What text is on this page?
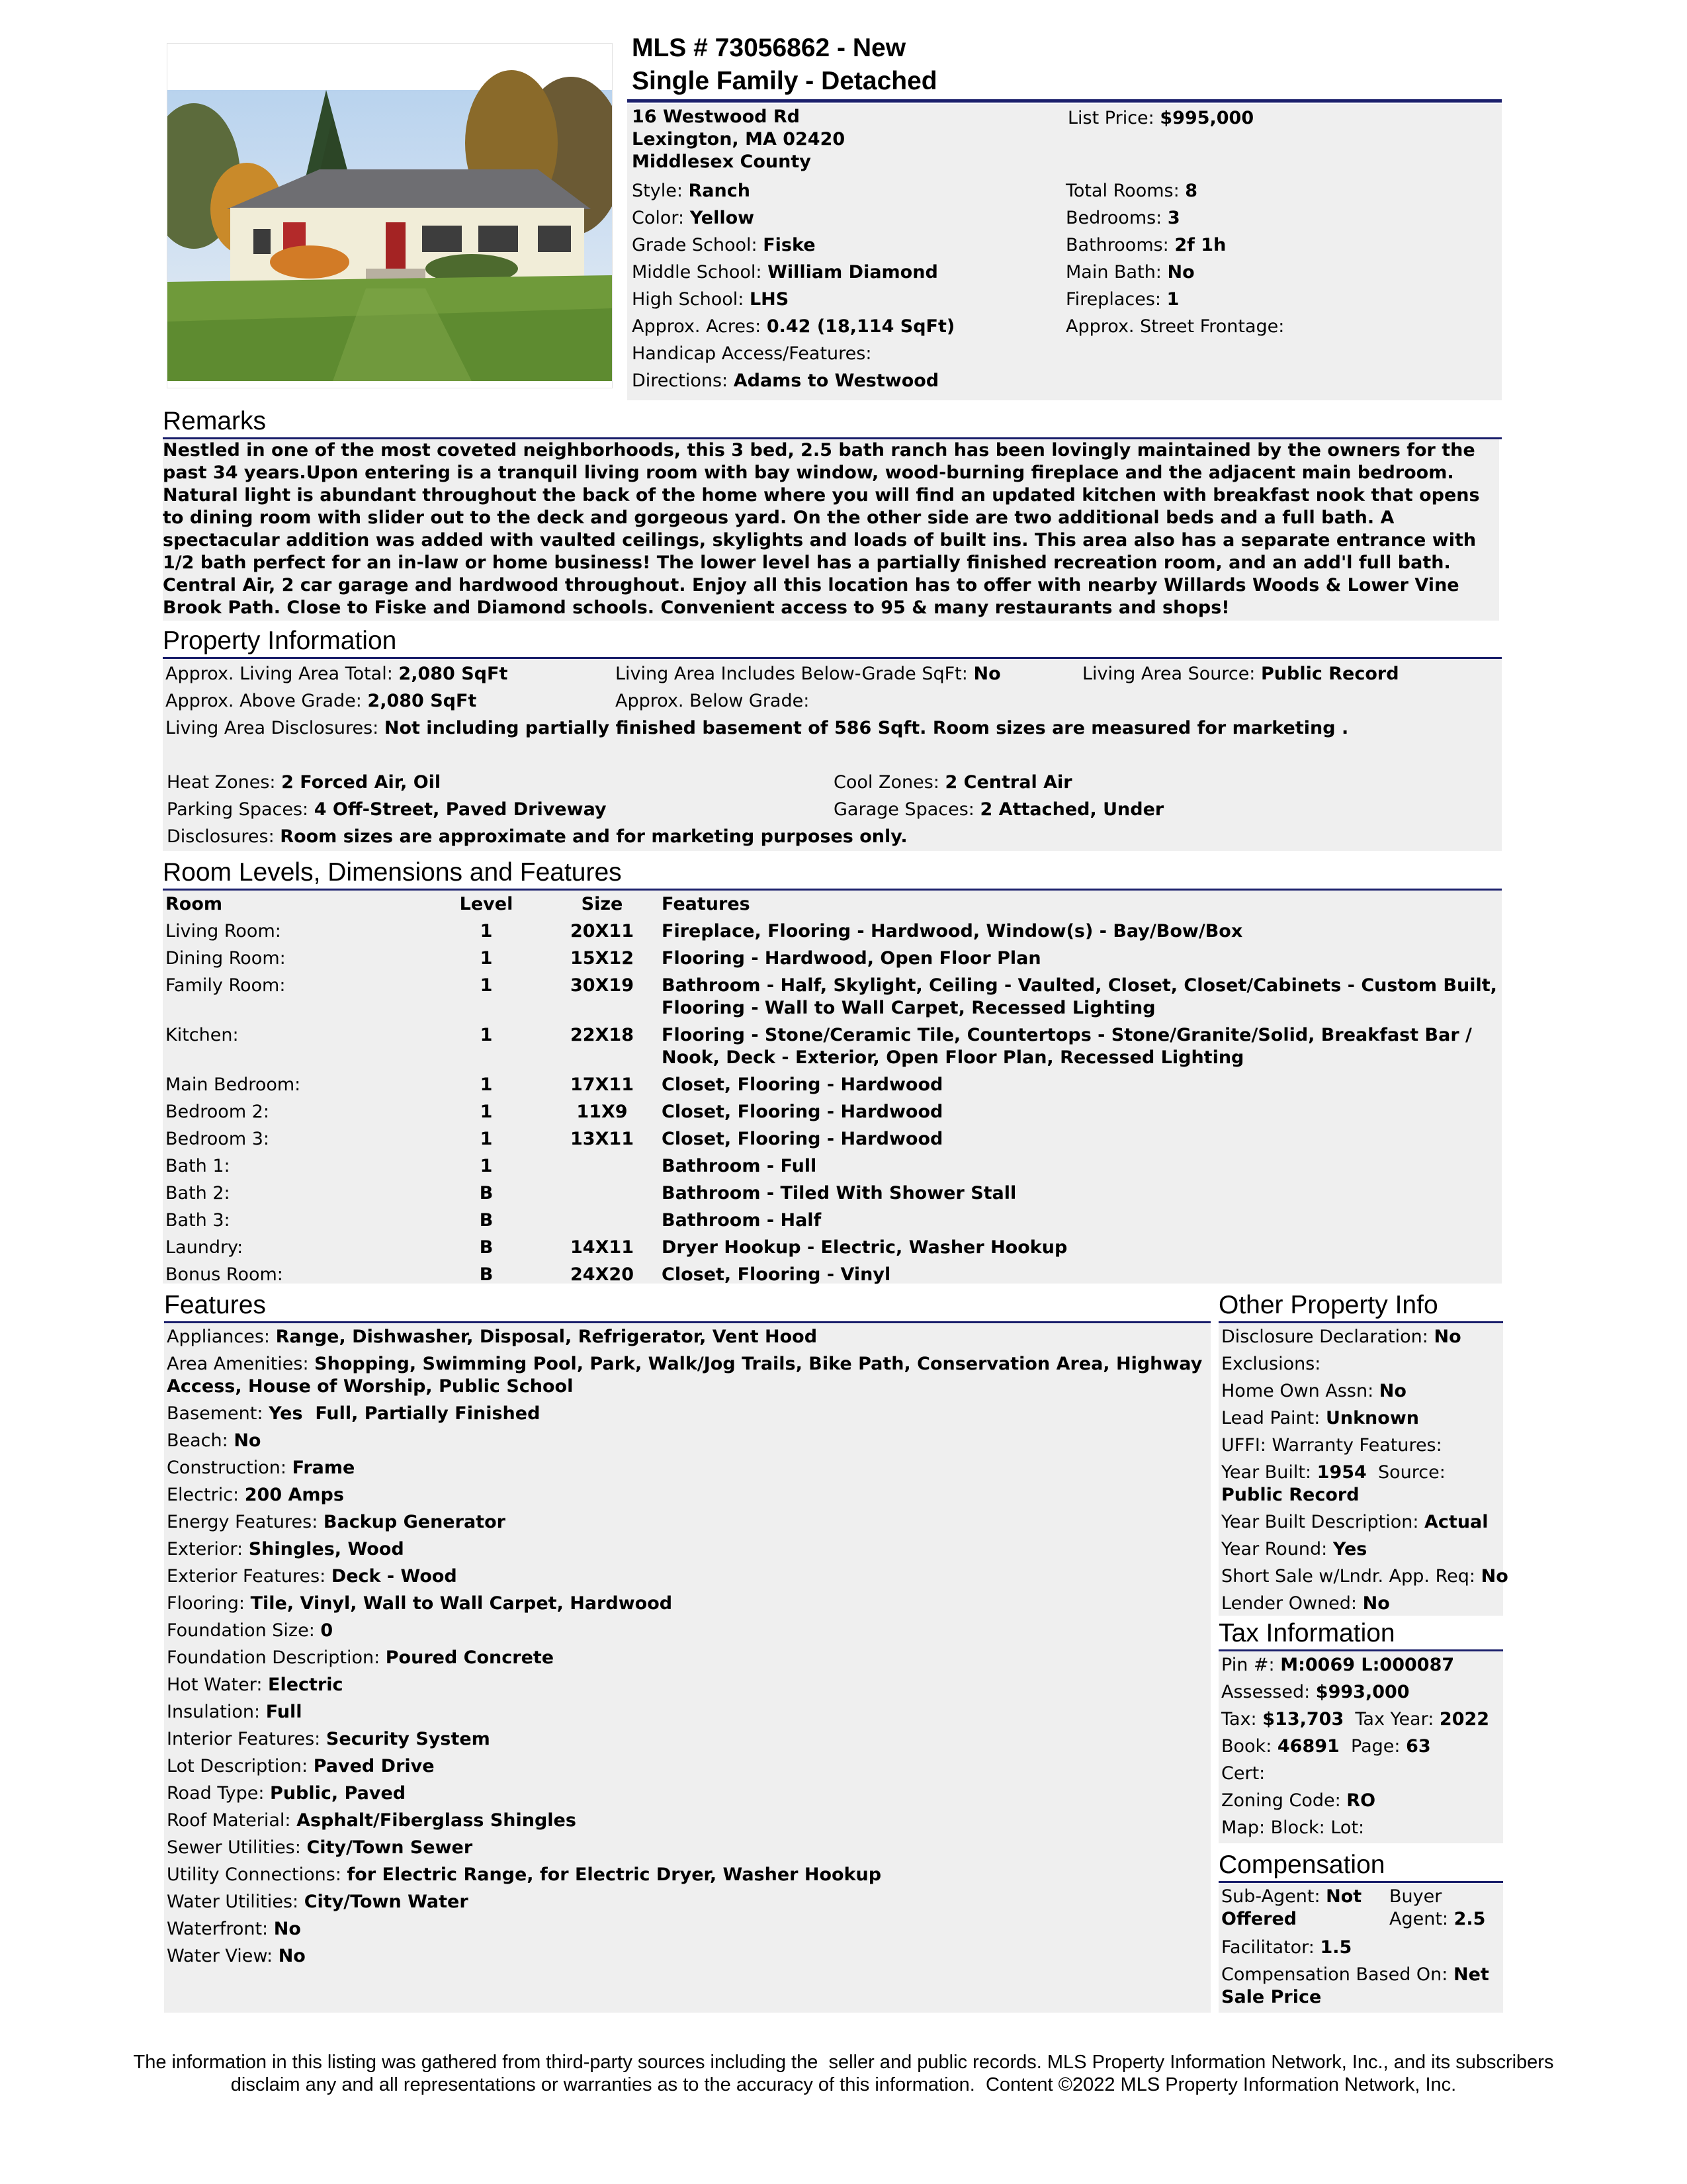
MLS # 73056862 - New
Single Family - Detached
16 Westwood Rd
Lexington, MA 02420
Middlesex County
List Price: $995,000
Style: Ranch
Color: Yellow
Grade School: Fiske
Middle School: William Diamond
High School: LHS
Approx. Acres: 0.42 (18,114 SqFt)
Handicap Access/Features:
Directions: Adams to Westwood
Total Rooms: 8
Bedrooms: 3
Bathrooms: 2f 1h
Main Bath: No
Fireplaces: 1
Approx. Street Frontage:
Remarks
Nestled in one of the most coveted neighborhoods, this 3 bed, 2.5 bath ranch has been lovingly maintained by the owners for the past 34 years.Upon entering is a tranquil living room with bay window, wood-burning fireplace and the adjacent main bedroom. Natural light is abundant throughout the back of the home where you will find an updated kitchen with breakfast nook that opens to dining room with slider out to the deck and gorgeous yard. On the other side are two additional beds and a full bath. A spectacular addition was added with vaulted ceilings, skylights and loads of built ins. This area also has a separate entrance with 1/2 bath perfect for an in-law or home business! The lower level has a partially finished recreation room, and an add'l full bath. Central Air, 2 car garage and hardwood throughout. Enjoy all this location has to offer with nearby Willards Woods & Lower Vine Brook Path. Close to Fiske and Diamond schools. Convenient access to 95 & many restaurants and shops!
Property Information
Approx. Living Area Total: 2,080 SqFt	Living Area Includes Below-Grade SqFt: No	Living Area Source: Public Record
Approx. Above Grade: 2,080 SqFt	Approx. Below Grade:
Living Area Disclosures: Not including partially finished basement of 586 Sqft. Room sizes are measured for marketing .
Heat Zones: 2 Forced Air, Oil	Cool Zones: 2 Central Air
Parking Spaces: 4 Off-Street, Paved Driveway	Garage Spaces: 2 Attached, Under
Disclosures: Room sizes are approximate and for marketing purposes only.
Room Levels, Dimensions and Features
Room	Level	Size	Features
Living Room:	1	20X11	Fireplace, Flooring - Hardwood, Window(s) - Bay/Bow/Box
Dining Room:	1	15X12	Flooring - Hardwood, Open Floor Plan
Family Room:	1	30X19	Bathroom - Half, Skylight, Ceiling - Vaulted, Closet, Closet/Cabinets - Custom Built, Flooring - Wall to Wall Carpet, Recessed Lighting
Kitchen:	1	22X18	Flooring - Stone/Ceramic Tile, Countertops - Stone/Granite/Solid, Breakfast Bar / Nook, Deck - Exterior, Open Floor Plan, Recessed Lighting
Main Bedroom:	1	17X11	Closet, Flooring - Hardwood
Bedroom 2:	1	11X9	Closet, Flooring - Hardwood
Bedroom 3:	1	13X11	Closet, Flooring - Hardwood
Bath 1:	1		Bathroom - Full
Bath 2:	B		Bathroom - Tiled With Shower Stall
Bath 3:	B		Bathroom - Half
Laundry:	B	14X11	Dryer Hookup - Electric, Washer Hookup
Bonus Room:	B	24X20	Closet, Flooring - Vinyl
Features
Appliances: Range, Dishwasher, Disposal, Refrigerator, Vent Hood
Area Amenities: Shopping, Swimming Pool, Park, Walk/Jog Trails, Bike Path, Conservation Area, Highway Access, House of Worship, Public School
Basement: Yes  Full, Partially Finished
Beach: No
Construction: Frame
Electric: 200 Amps
Energy Features: Backup Generator
Exterior: Shingles, Wood
Exterior Features: Deck - Wood
Flooring: Tile, Vinyl, Wall to Wall Carpet, Hardwood
Foundation Size: 0
Foundation Description: Poured Concrete
Hot Water: Electric
Insulation: Full
Interior Features: Security System
Lot Description: Paved Drive
Road Type: Public, Paved
Roof Material: Asphalt/Fiberglass Shingles
Sewer Utilities: City/Town Sewer
Utility Connections: for Electric Range, for Electric Dryer, Washer Hookup
Water Utilities: City/Town Water
Waterfront: No
Water View: No
Other Property Info
Disclosure Declaration: No
Exclusions:
Home Own Assn: No
Lead Paint: Unknown
UFFI: Warranty Features:
Year Built: 1954 Source: Public Record
Year Built Description: Actual
Year Round: Yes
Short Sale w/Lndr. App. Req: No
Lender Owned: No
Tax Information
Pin #: M:0069 L:000087
Assessed: $993,000
Tax: $13,703 Tax Year: 2022
Book: 46891 Page: 63
Cert:
Zoning Code: RO
Map: Block: Lot:
Compensation
Sub-Agent: Not Offered
Buyer Agent: 2.5
Facilitator: 1.5
Compensation Based On: Net Sale Price
The information in this listing was gathered from third-party sources including the  seller and public records. MLS Property Information Network, Inc., and its subscribers
disclaim any and all representations or warranties as to the accuracy of this information.  Content ©2022 MLS Property Information Network, Inc.
